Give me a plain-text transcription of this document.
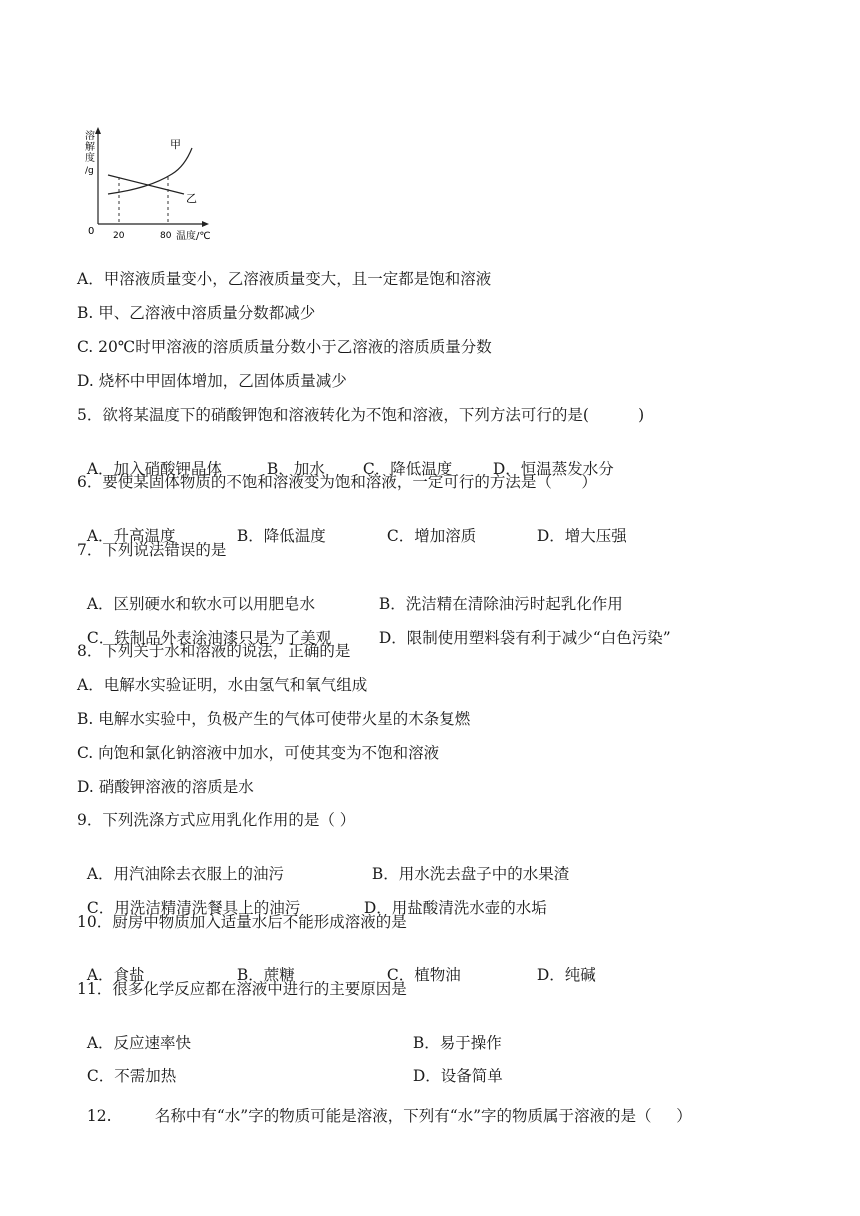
溶
解
度
/g
0 20	80 温度/℃
甲
乙
A．甲溶液质量变小，乙溶液质量变大，且一定都是饱和溶液
B. 甲、乙溶液中溶质量分数都减少
C. 20℃时甲溶液的溶质质量分数小于乙溶液的溶质质量分数
D. 烧杯中甲固体增加，乙固体质量减少
5．欲将某温度下的硝酸钾饱和溶液转化为不饱和溶液，下列方法可行的是(          )

A．加入硝酸钾晶体	B．加水 C．降低温度	D．恒温蒸发水分

6．要使某固体物质的不饱和溶液变为饱和溶液，一定可行的方法是（      ）

A．升高温度	B．降低温度	C．增加溶质	D．增大压强

7．下列说法错误的是

A．区别硬水和软水可以用肥皂水	B．洗洁精在清除油污时起乳化作用

C．铁制品外表涂油漆只是为了美观	D．限制使用塑料袋有利于减少“白色污染”

8．下列关于水和溶液的说法，正确的是
A．电解水实验证明，水由氢气和氧气组成
B. 电解水实验中，负极产生的气体可使带火星的木条复燃
C. 向饱和氯化钠溶液中加水，可使其变为不饱和溶液
D. 硝酸钾溶液的溶质是水
9．下列洗涤方式应用乳化作用的是（ ）

A．用汽油除去衣服上的油污	B．用水洗去盘子中的水果渣

C．用洗洁精清洗餐具上的油污	D．用盐酸清洗水壶的水垢

10．厨房中物质加入适量水后不能形成溶液的是

A．食盐	B．蔗糖	C．植物油	D．纯碱

11．很多化学反应都在溶液中进行的主要原因是

A．反应速率快	B．易于操作

C．不需加热	D．设备简单

12.	名称中有“水”字的物质可能是溶液，下列有“水”字的物质属于溶液的是（     ）
